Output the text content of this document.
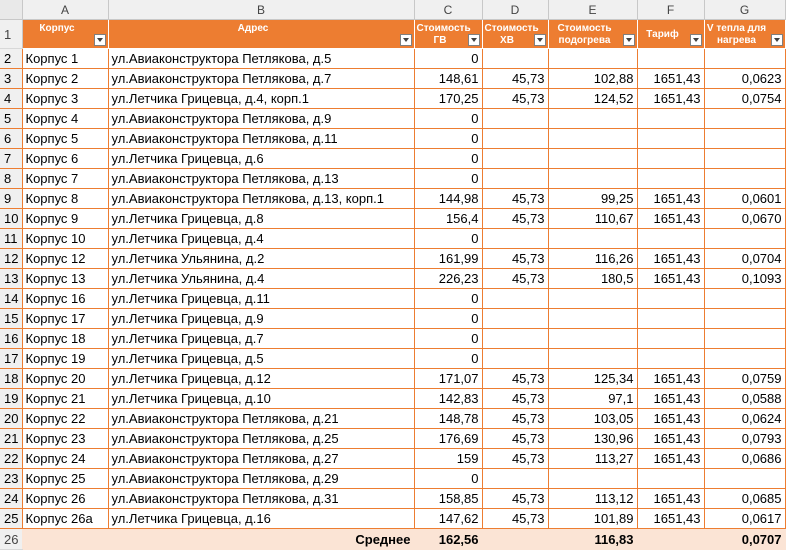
	A	B	C	D	E	F	G
1	Корпус	Адрес	Стоимость ГВ	Стоимость ХВ	Стоимость подогрева	Тариф	V тепла для нагрева

2	Корпус 1	ул.Авиаконструктора Петлякова, д.5	0				
3	Корпус 2	ул.Авиаконструктора Петлякова, д.7	148,61	45,73	102,88	1651,43	0,0623
4	Корпус 3	ул.Летчика Грицевца, д.4, корп.1	170,25	45,73	124,52	1651,43	0,0754
5	Корпус 4	ул.Авиаконструктора Петлякова, д.9	0				
6	Корпус 5	ул.Авиаконструктора Петлякова, д.11	0				
7	Корпус 6	ул.Летчика Грицевца, д.6	0				
8	Корпус 7	ул.Авиаконструктора Петлякова, д.13	0				
9	Корпус 8	ул.Авиаконструктора Петлякова, д.13, корп.1	144,98	45,73	99,25	1651,43	0,0601
10	Корпус 9	ул.Летчика Грицевца, д.8	156,4	45,73	110,67	1651,43	0,0670
11	Корпус 10	ул.Летчика Грицевца, д.4	0				
12	Корпус 12	ул.Летчика Ульянина, д.2	161,99	45,73	116,26	1651,43	0,0704
13	Корпус 13	ул.Летчика Ульянина, д.4	226,23	45,73	180,5	1651,43	0,1093
14	Корпус 16	ул.Летчика Грицевца, д.11	0				
15	Корпус 17	ул.Летчика Грицевца, д.9	0				
16	Корпус 18	ул.Летчика Грицевца, д.7	0				
17	Корпус 19	ул.Летчика Грицевца, д.5	0				
18	Корпус 20	ул.Летчика Грицевца, д.12	171,07	45,73	125,34	1651,43	0,0759
19	Корпус 21	ул.Летчика Грицевца, д.10	142,83	45,73	97,1	1651,43	0,0588
20	Корпус 22	ул.Авиаконструктора Петлякова, д.21	148,78	45,73	103,05	1651,43	0,0624
21	Корпус 23	ул.Авиаконструктора Петлякова, д.25	176,69	45,73	130,96	1651,43	0,0793
22	Корпус 24	ул.Авиаконструктора Петлякова, д.27	159	45,73	113,27	1651,43	0,0686
23	Корпус 25	ул.Авиаконструктора Петлякова, д.29	0				
24	Корпус 26	ул.Авиаконструктора Петлякова, д.31	158,85	45,73	113,12	1651,43	0,0685
25	Корпус 26а	ул.Летчика Грицевца, д.16	147,62	45,73	101,89	1651,43	0,0617
26		Среднее	162,56		116,83		0,0707
